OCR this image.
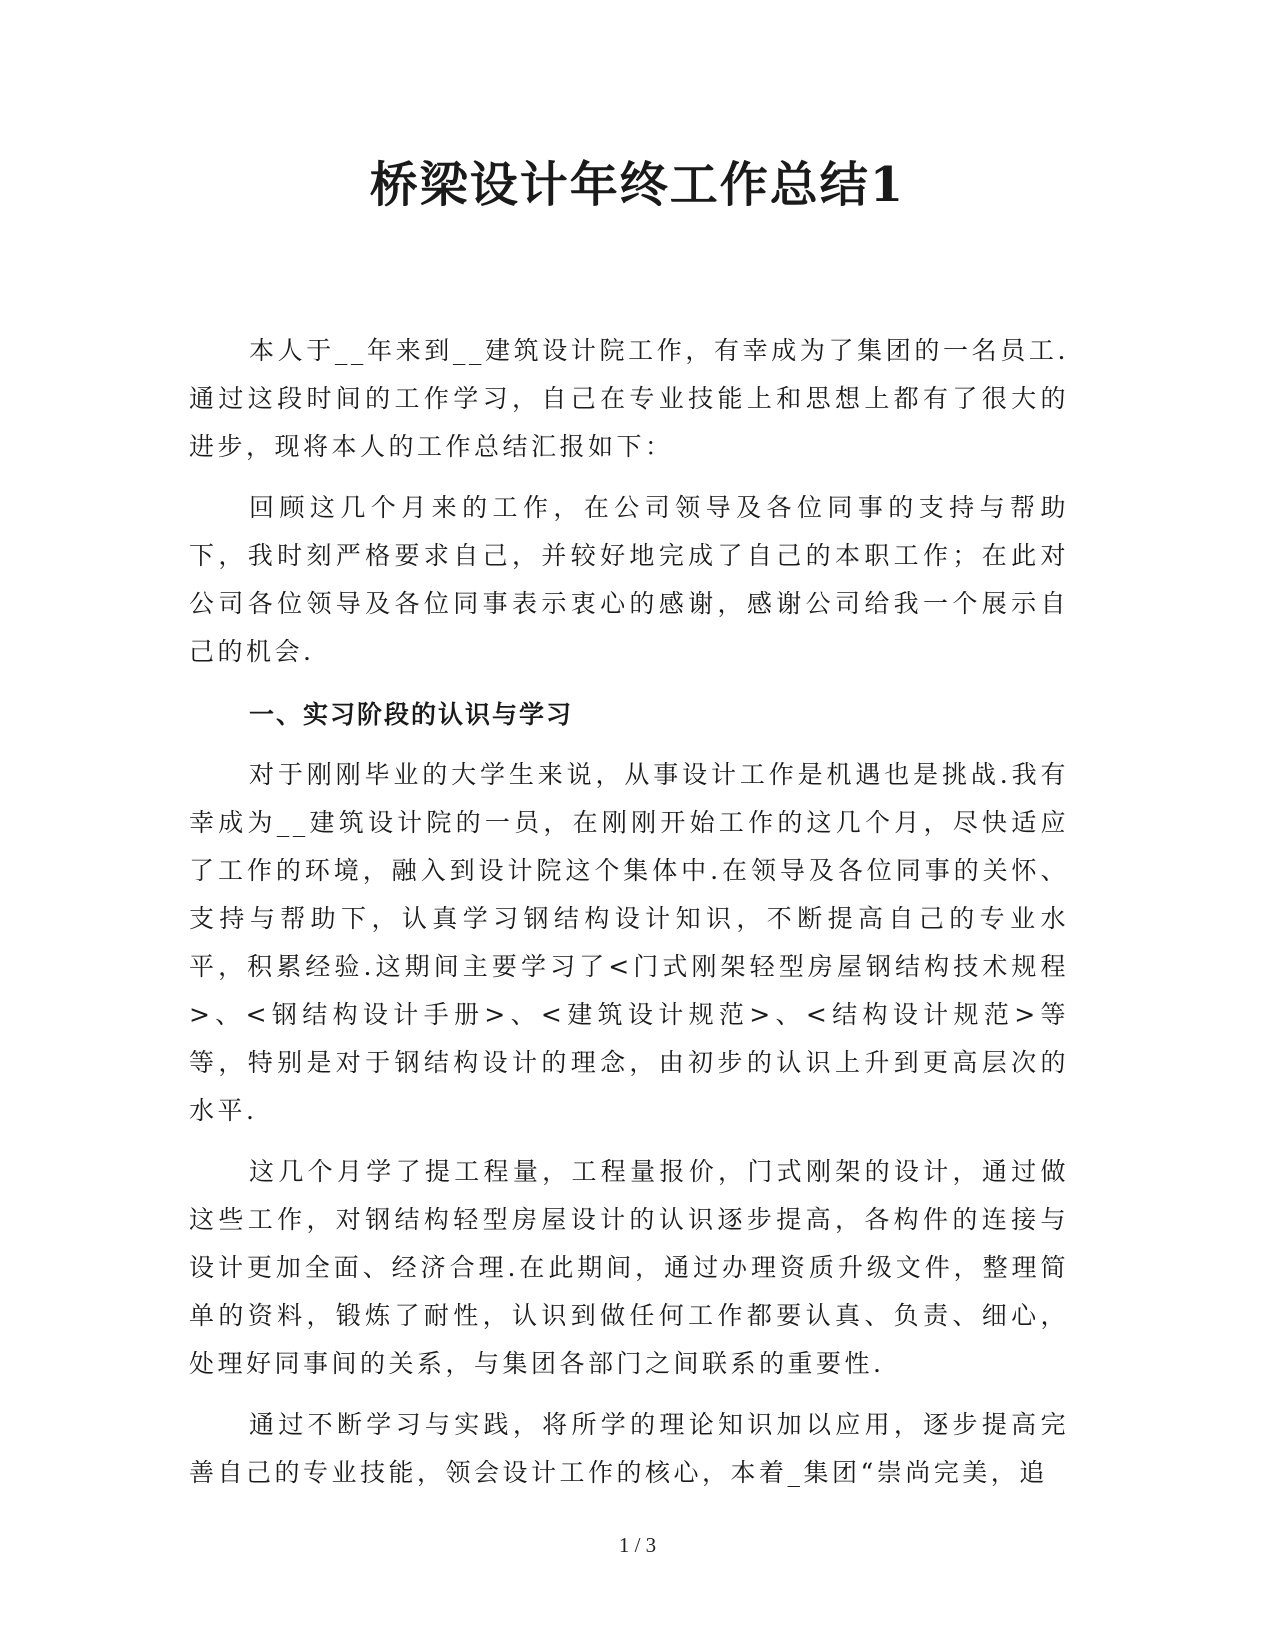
桥梁设计年终工作总结1

本人于__年来到__建筑设计院工作，有幸成为了集团的一名员工.通过这段时间的工作学习，自己在专业技能上和思想上都有了很大的进步，现将本人的工作总结汇报如下：

回顾这几个月来的工作，在公司领导及各位同事的支持与帮助下，我时刻严格要求自己，并较好地完成了自己的本职工作；在此对公司各位领导及各位同事表示衷心的感谢，感谢公司给我一个展示自己的机会.

一、实习阶段的认识与学习

对于刚刚毕业的大学生来说，从事设计工作是机遇也是挑战.我有幸成为__建筑设计院的一员，在刚刚开始工作的这几个月，尽快适应了工作的环境，融入到设计院这个集体中.在领导及各位同事的关怀、支持与帮助下，认真学习钢结构设计知识，不断提高自己的专业水平，积累经验.这期间主要学习了<门式刚架轻型房屋钢结构技术规程>、<钢结构设计手册>、<建筑设计规范>、<结构设计规范>等等，特别是对于钢结构设计的理念，由初步的认识上升到更高层次的水平.

这几个月学了提工程量，工程量报价，门式刚架的设计，通过做这些工作，对钢结构轻型房屋设计的认识逐步提高，各构件的连接与设计更加全面、经济合理.在此期间，通过办理资质升级文件，整理简单的资料，锻炼了耐性，认识到做任何工作都要认真、负责、细心，处理好同事间的关系，与集团各部门之间联系的重要性.

通过不断学习与实践，将所学的理论知识加以应用，逐步提高完善自己的专业技能，领会设计工作的核心，本着_集团“崇尚完美，追

1 / 3
